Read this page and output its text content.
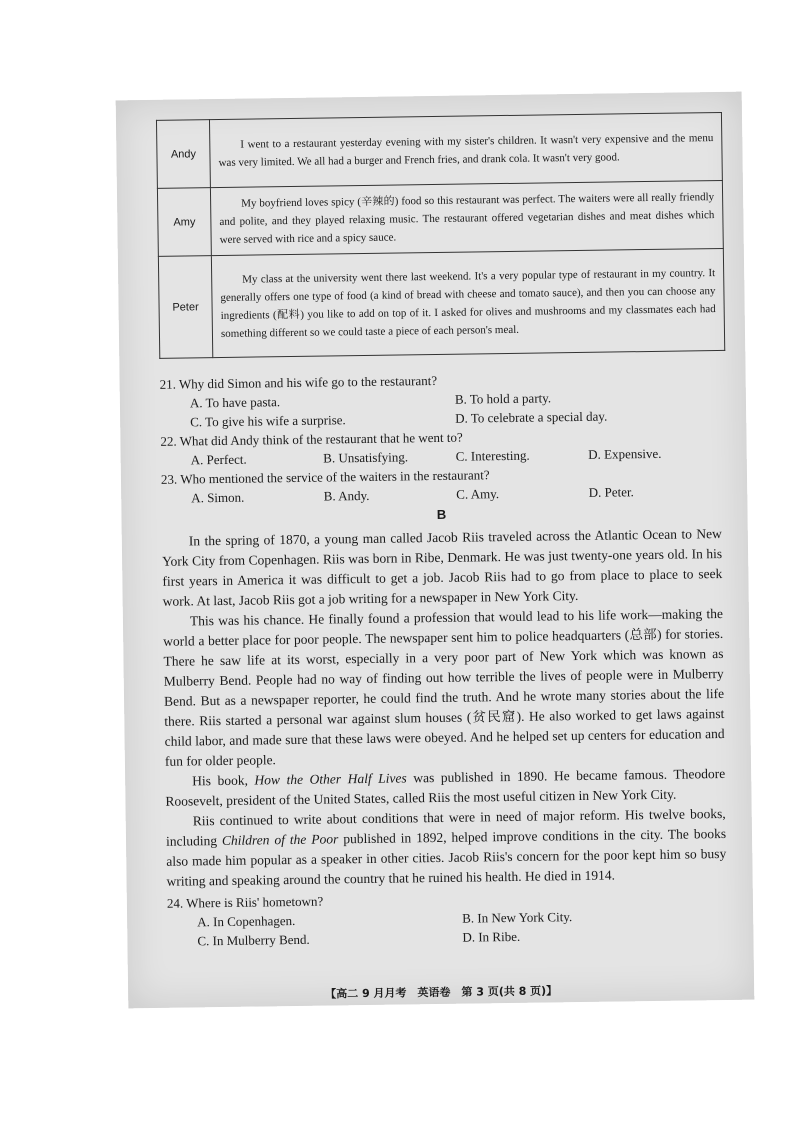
Andy	I went to a restaurant yesterday evening with my sister's children. It wasn't very expensive and the menu was very limited. We all had a burger and French fries, and drank cola. It wasn't very good.
Amy	My boyfriend loves spicy (辛辣的) food so this restaurant was perfect. The waiters were all really friendly and polite, and they played relaxing music. The restaurant offered vegetarian dishes and meat dishes which were served with rice and a spicy sauce.
Peter	My class at the university went there last weekend. It's a very popular type of restaurant in my country. It generally offers one type of food (a kind of bread with cheese and tomato sauce), and then you can choose any ingredients (配料) you like to add on top of it. I asked for olives and mushrooms and my classmates each had something different so we could taste a piece of each person's meal.

21. Why did Simon and his wife go to the restaurant?

A. To have pasta.	B. To hold a party.
C. To give his wife a surprise.	D. To celebrate a special day.

22. What did Andy think of the restaurant that he went to?

A. Perfect.	B. Unsatisfying.	C. Interesting.	D. Expensive.

23. Who mentioned the service of the waiters in the restaurant?

A. Simon.	B. Andy.	C. Amy.	D. Peter.
B

In the spring of 1870, a young man called Jacob Riis traveled across the Atlantic Ocean to New York City from Copenhagen. Riis was born in Ribe, Denmark. He was just twenty-one years old. In his first years in America it was difficult to get a job. Jacob Riis had to go from place to place to seek work. At last, Jacob Riis got a job writing for a newspaper in New York City.

This was his chance. He finally found a profession that would lead to his life work—making the world a better place for poor people. The newspaper sent him to police headquarters (总部) for stories. There he saw life at its worst, especially in a very poor part of New York which was known as Mulberry Bend. People had no way of finding out how terrible the lives of people were in Mulberry Bend. But as a newspaper reporter, he could find the truth. And he wrote many stories about the life there. Riis started a personal war against slum houses (贫民窟). He also worked to get laws against child labor, and made sure that these laws were obeyed. And he helped set up centers for education and fun for older people.

His book, How the Other Half Lives was published in 1890. He became famous. Theodore Roosevelt, president of the United States, called Riis the most useful citizen in New York City.

Riis continued to write about conditions that were in need of major reform. His twelve books, including Children of the Poor published in 1892, helped improve conditions in the city. The books also made him popular as a speaker in other cities. Jacob Riis's concern for the poor kept him so busy writing and speaking around the country that he ruined his health. He died in 1914.

24. Where is Riis' hometown?

A. In Copenhagen.	B. In New York City.
C. In Mulberry Bend.	D. In Ribe.
【高二 9 月月考　英语卷　第 3 页(共 8 页)】
